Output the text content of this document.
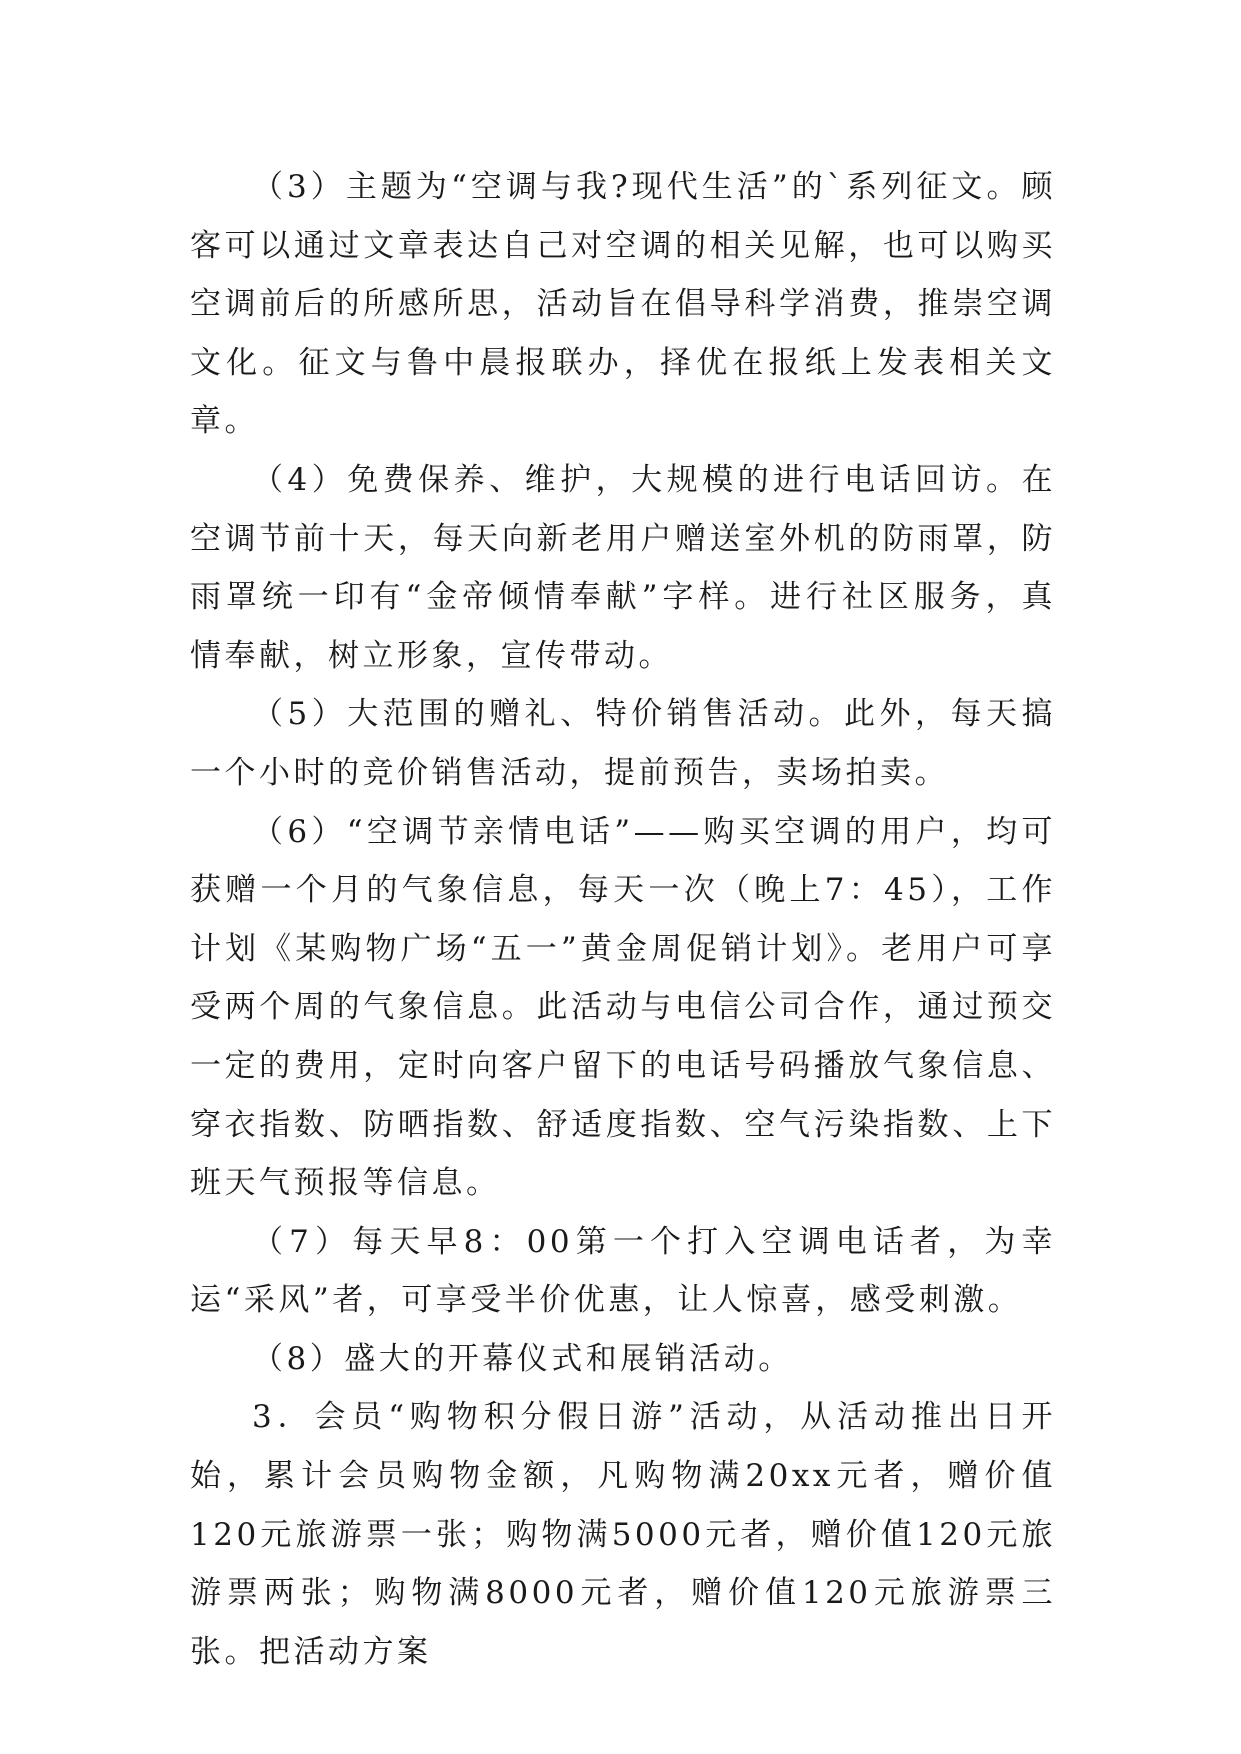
（3）主题为“空调与我?现代生活”的`系列征文。顾客可以通过文章表达自己对空调的相关见解，也可以购买空调前后的所感所思，活动旨在倡导科学消费，推崇空调文化。征文与鲁中晨报联办，择优在报纸上发表相关文章。

（4）免费保养、维护，大规模的进行电话回访。在空调节前十天，每天向新老用户赠送室外机的防雨罩，防雨罩统一印有“金帝倾情奉献”字样。进行社区服务，真情奉献，树立形象，宣传带动。

（5）大范围的赠礼、特价销售活动。此外，每天搞一个小时的竞价销售活动，提前预告，卖场拍卖。

（6）“空调节亲情电话”——购买空调的用户，均可获赠一个月的气象信息，每天一次（晚上7：45），工作计划《某购物广场“五一”黄金周促销计划》。老用户可享受两个周的气象信息。此活动与电信公司合作，通过预交一定的费用，定时向客户留下的电话号码播放气象信息、穿衣指数、防晒指数、舒适度指数、空气污染指数、上下班天气预报等信息。

（7）每天早8：00第一个打入空调电话者，为幸运“采风”者，可享受半价优惠，让人惊喜，感受刺激。

（8）盛大的开幕仪式和展销活动。

3．会员“购物积分假日游”活动，从活动推出日开始，累计会员购物金额，凡购物满20xx元者，赠价值120元旅游票一张；购物满5000元者，赠价值120元旅游票两张；购物满8000元者，赠价值120元旅游票三张。把活动方案
